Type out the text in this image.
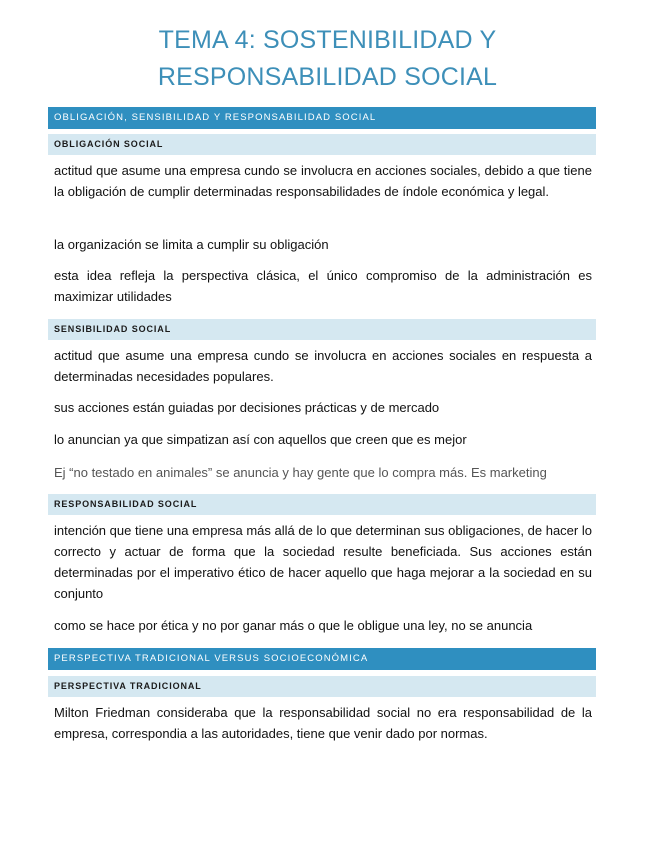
TEMA 4: SOSTENIBILIDAD Y
RESPONSABILIDAD SOCIAL
OBLIGACIÓN, SENSIBILIDAD Y RESPONSABILIDAD SOCIAL
OBLIGACIÓN SOCIAL
actitud que asume una empresa cundo se involucra en acciones sociales, debido a que tiene la obligación de cumplir determinadas responsabilidades de índole económica y legal.
la organización se limita a cumplir su obligación
esta idea refleja la perspectiva clásica, el único compromiso de la administración es maximizar utilidades
SENSIBILIDAD SOCIAL
actitud que asume una empresa cundo se involucra en acciones sociales en respuesta a determinadas necesidades populares.
sus acciones están guiadas por decisiones prácticas y de mercado
lo anuncian ya que simpatizan así con aquellos que creen que es mejor
Ej “no testado en animales” se anuncia y hay gente que lo compra más. Es marketing
RESPONSABILIDAD SOCIAL
intención que tiene una empresa más allá de lo que determinan sus obligaciones, de hacer lo correcto y actuar de forma que la sociedad resulte beneficiada. Sus acciones están determinadas por el imperativo ético de hacer aquello que haga mejorar a la sociedad en su conjunto
como se hace por ética y no por ganar más o que le obligue una ley, no se anuncia
PERSPECTIVA TRADICIONAL VERSUS SOCIOECONÓMICA
PERSPECTIVA TRADICIONAL
Milton Friedman consideraba que la responsabilidad social no era responsabilidad de la empresa, correspondia a las autoridades, tiene que venir dado por normas.
